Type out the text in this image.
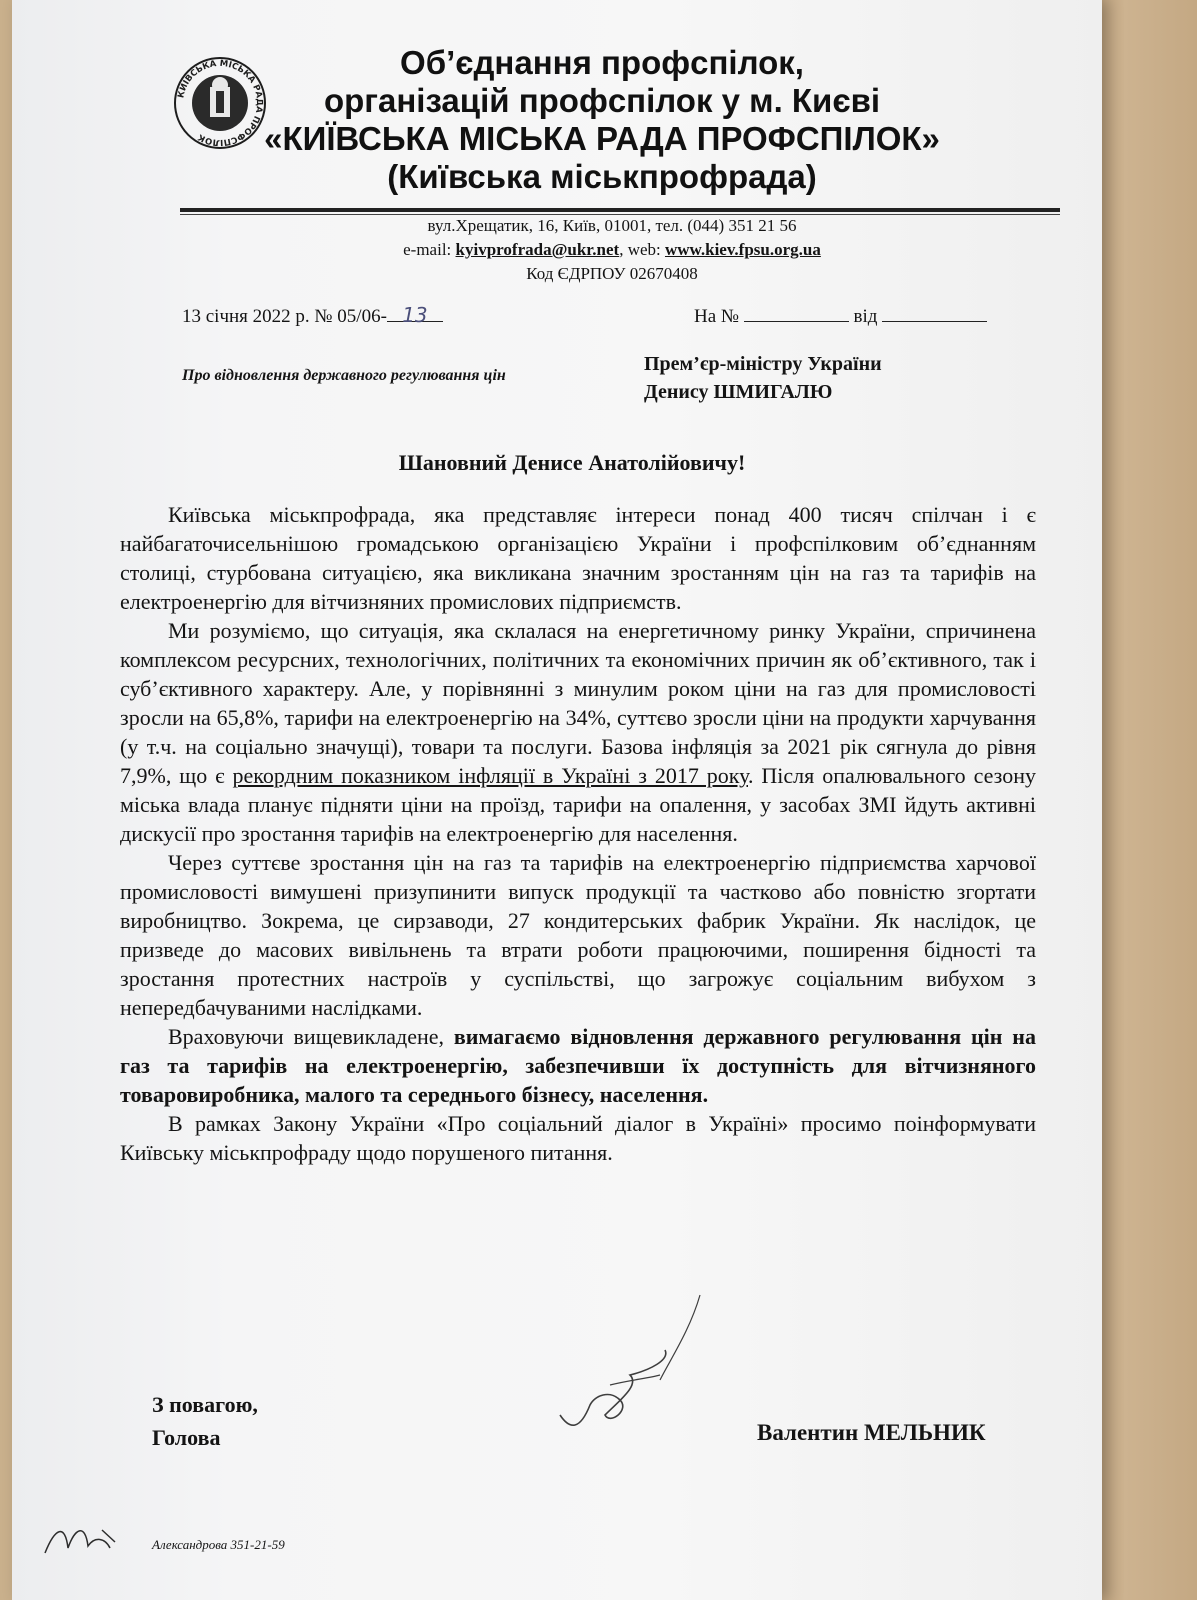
КИЇВСЬКА МІСЬКА РАДА ПРОФСПІЛОК
Об’єднання профспілок,
організацій профспілок у м. Києві
«КИЇВСЬКА МІСЬКА РАДА ПРОФСПІЛОК»
(Київська міськпрофрада)
вул.Хрещатик, 16, Київ, 01001, тел. (044) 351 21 56
e-mail: kyivprofrada@ukr.net, web: www.kiev.fpsu.org.ua
Код ЄДРПОУ 02670408
13 січня 2022 р. № 05/06- 13	На №	від
Про відновлення державного регулювання цін
Прем’єр-міністру України
Денису ШМИГАЛЮ
Шановний Денисе Анатолійовичу!

Київська міськпрофрада, яка представляє інтереси понад 400 тисяч спілчан і є найбагаточисельнішою громадською організацією України і профспілковим об’єднанням столиці, стурбована ситуацією, яка викликана значним зростанням цін на газ та тарифів на електроенергію для вітчизняних промислових підприємств.

Ми розуміємо, що ситуація, яка склалася на енергетичному ринку України, спричинена комплексом ресурсних, технологічних, політичних та економічних причин як об’єктивного, так і суб’єктивного характеру. Але, у порівнянні з минулим роком ціни на газ для промисловості зросли на 65,8%, тарифи на електроенергію на 34%, суттєво зросли ціни на продукти харчування (у т.ч. на соціально значущі), товари та послуги. Базова інфляція за 2021 рік сягнула до рівня 7,9%, що є рекордним показником інфляції в Україні з 2017 року. Після опалювального сезону міська влада планує підняти ціни на проїзд, тарифи на опалення, у засобах ЗМІ йдуть активні дискусії про зростання тарифів на електроенергію для населення.

Через суттєве зростання цін на газ та тарифів на електроенергію підприємства харчової промисловості вимушені призупинити випуск продукції та частково або повністю згортати виробництво. Зокрема, це сирзаводи, 27 кондитерських фабрик України. Як наслідок, це призведе до масових вивільнень та втрати роботи працюючими, поширення бідності та зростання протестних настроїв у суспільстві, що загрожує соціальним вибухом з непередбачуваними наслідками.

Враховуючи вищевикладене, вимагаємо відновлення державного регулювання цін на газ та тарифів на електроенергію, забезпечивши їх доступність для вітчизняного товаровиробника, малого та середнього бізнесу, населення.

В рамках Закону України «Про соціальний діалог в Україні» просимо поінформувати Київську міськпрофраду щодо порушеного питання.

З повагою,
Голова	Валентин МЕЛЬНИК
Александрова 351-21-59
